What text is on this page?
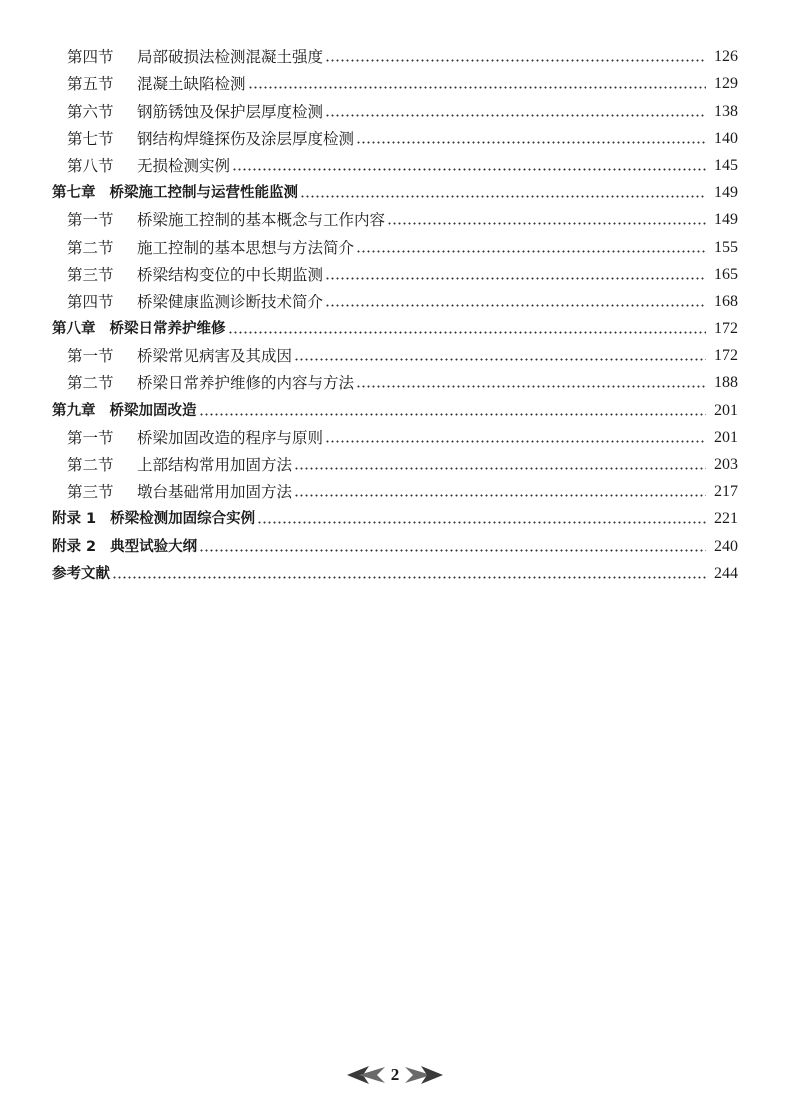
第四节	局部破损法检测混凝土强度	126
第五节	混凝土缺陷检测	129
第六节	钢筋锈蚀及保护层厚度检测	138
第七节	钢结构焊缝探伤及涂层厚度检测	140
第八节	无损检测实例	145
第七章 桥梁施工控制与运营性能监测	149
第一节	桥梁施工控制的基本概念与工作内容	149
第二节	施工控制的基本思想与方法简介	155
第三节	桥梁结构变位的中长期监测	165
第四节	桥梁健康监测诊断技术简介	168
第八章 桥梁日常养护维修	172
第一节	桥梁常见病害及其成因	172
第二节	桥梁日常养护维修的内容与方法	188
第九章 桥梁加固改造	201
第一节	桥梁加固改造的程序与原则	201
第二节	上部结构常用加固方法	203
第三节	墩台基础常用加固方法	217
附录 1 桥梁检测加固综合实例	221
附录 2 典型试验大纲	240
参考文献	244
2
